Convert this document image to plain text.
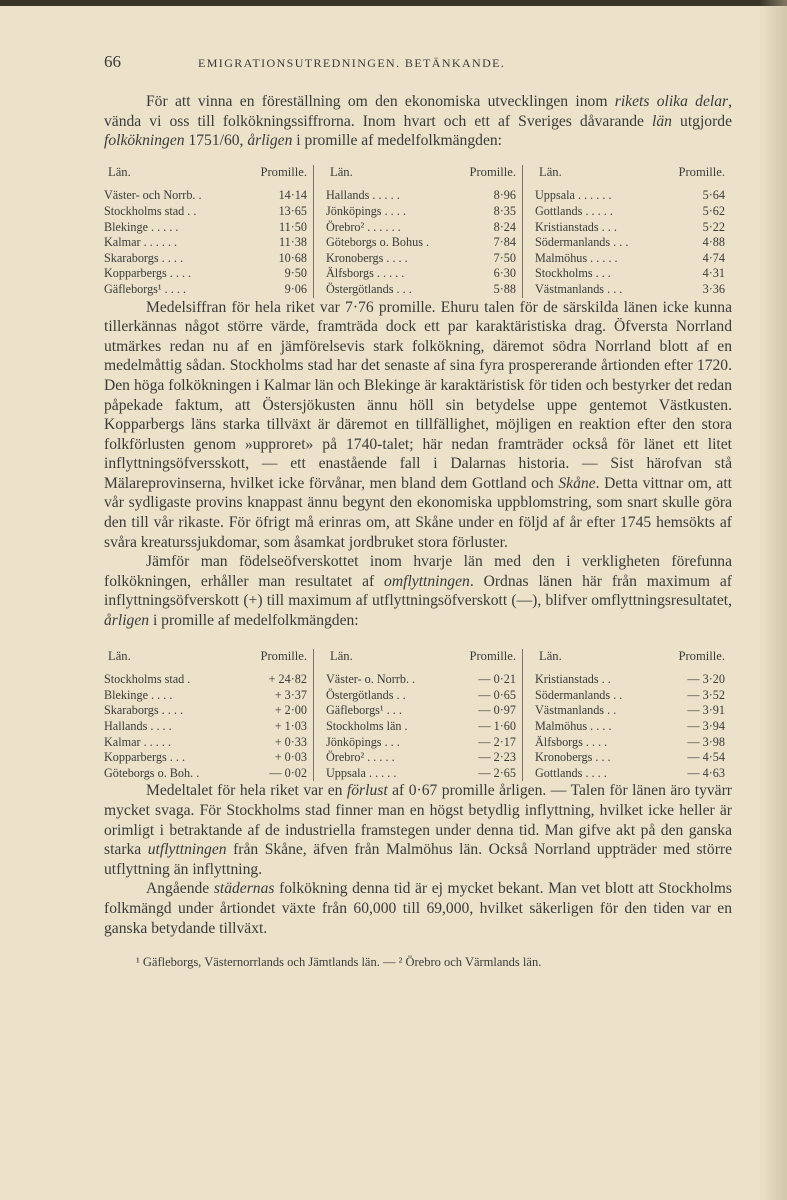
66	EMIGRATIONSUTREDNINGEN. BETÄNKANDE.

För att vinna en föreställning om den ekonomiska utvecklingen inom rikets olika delar, vända vi oss till folkökningssiffrorna. Inom hvart och ett af Sveriges dåvarande län utgjorde folkökningen 1751/60, årligen i promille af medelfolkmängden:

Län.	Promille.
Väster- och Norrb. .	14·14
Stockholms stad . .	13·65
Blekinge . . . . .	11·50
Kalmar . . . . . .	11·38
Skaraborgs . . . .	10·68
Kopparbergs . . . .	9·50
Gäfleborgs¹ . . . .	9·06
Län.	Promille.
Hallands . . . . .	8·96
Jönköpings . . . .	8·35
Örebro² . . . . . .	8·24
Göteborgs o. Bohus .	7·84
Kronobergs . . . .	7·50
Älfsborgs . . . . .	6·30
Östergötlands . . .	5·88
Län.	Promille.
Uppsala . . . . . .	5·64
Gottlands . . . . .	5·62
Kristianstads . . .	5·22
Södermanlands . . .	4·88
Malmöhus . . . . .	4·74
Stockholms . . .	4·31
Västmanlands . . .	3·36

Medelsiffran för hela riket var 7·76 promille. Ehuru talen för de särskilda länen icke kunna tillerkännas något större värde, framträda dock ett par karaktäristiska drag. Öfversta Norrland utmärkes redan nu af en jämförelsevis stark folkökning, däremot södra Norrland blott af en medelmåttig sådan. Stockholms stad har det senaste af sina fyra prospererande årtionden efter 1720. Den höga folkökningen i Kalmar län och Blekinge är karaktäristisk för tiden och bestyrker det redan påpekade faktum, att Östersjökusten ännu höll sin betydelse uppe gentemot Västkusten. Kopparbergs läns starka tillväxt är däremot en tillfällighet, möjligen en reaktion efter den stora folkförlusten genom »upproret» på 1740-talet; här nedan framträder också för länet ett litet inflyttningsöfversskott, — ett enastående fall i Dalarnas historia. — Sist härofvan stå Mälareprovinserna, hvilket icke förvånar, men bland dem Gottland och Skåne. Detta vittnar om, att vår sydligaste provins knappast ännu begynt den ekonomiska uppblomstring, som snart skulle göra den till vår rikaste. För öfrigt må erinras om, att Skåne under en följd af år efter 1745 hemsökts af svåra kreaturssjukdomar, som åsamkat jordbruket stora förluster.

Jämför man födelseöfverskottet inom hvarje län med den i verkligheten förefunna folkökningen, erhåller man resultatet af omflyttningen. Ordnas länen här från maximum af inflyttningsöfverskott (+) till maximum af utflyttningsöfverskott (—), blifver omflyttningsresultatet, årligen i promille af medelfolkmängden:

Län.	Promille.
Stockholms stad .	+ 24·82
Blekinge . . . .	+ 3·37
Skaraborgs . . . .	+ 2·00
Hallands . . . .	+ 1·03
Kalmar . . . . .	+ 0·33
Kopparbergs . . .	+ 0·03
Göteborgs o. Boh. .	— 0·02
Län.	Promille.
Väster- o. Norrb. .	— 0·21
Östergötlands . .	— 0·65
Gäfleborgs¹ . . .	— 0·97
Stockholms län .	— 1·60
Jönköpings . . .	— 2·17
Örebro² . . . . .	— 2·23
Uppsala . . . . .	— 2·65
Län.	Promille.
Kristianstads . .	— 3·20
Södermanlands . .	— 3·52
Västmanlands . .	— 3·91
Malmöhus . . . .	— 3·94
Älfsborgs . . . .	— 3·98
Kronobergs . . .	— 4·54
Gottlands . . . .	— 4·63

Medeltalet för hela riket var en förlust af 0·67 promille årligen. — Talen för länen äro tyvärr mycket svaga. För Stockholms stad finner man en högst betydlig inflyttning, hvilket icke heller är orimligt i betraktande af de industriella framstegen under denna tid. Man gifve akt på den ganska starka utflyttningen från Skåne, äfven från Malmöhus län. Också Norrland uppträder med större utflyttning än inflyttning.

Angående städernas folkökning denna tid är ej mycket bekant. Man vet blott att Stockholms folkmängd under årtiondet växte från 60,000 till 69,000, hvilket säkerligen för den tiden var en ganska betydande tillväxt.

¹ Gäfleborgs, Västernorrlands och Jämtlands län. — ² Örebro och Värmlands län.
